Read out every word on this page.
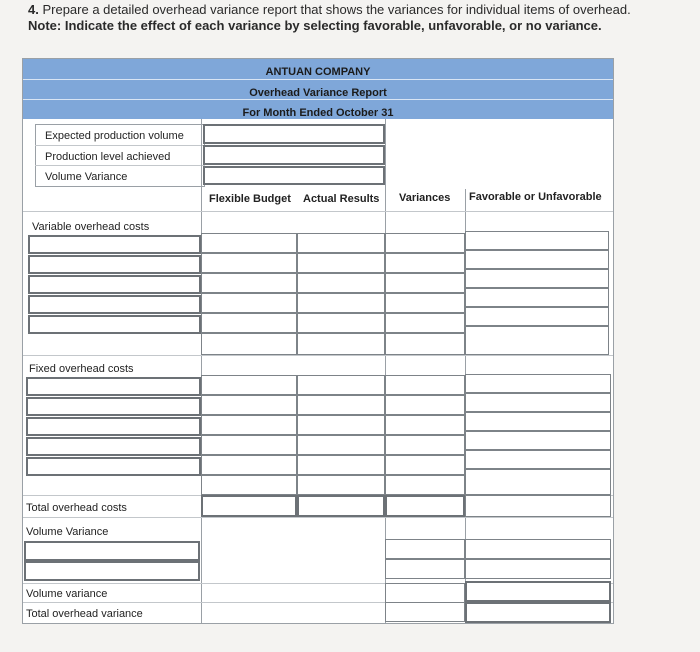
4. Prepare a detailed overhead variance report that shows the variances for individual items of overhead.
Note: Indicate the effect of each variance by selecting favorable, unfavorable, or no variance.
ANTUAN COMPANY
Overhead Variance Report
For Month Ended October 31
Expected production volume
Production level achieved
Volume Variance
Flexible Budget Actual Results Variances Favorable or Unfavorable
Variable overhead costs
Fixed overhead costs
Total overhead costs
Volume Variance
Volume variance
Total overhead variance
